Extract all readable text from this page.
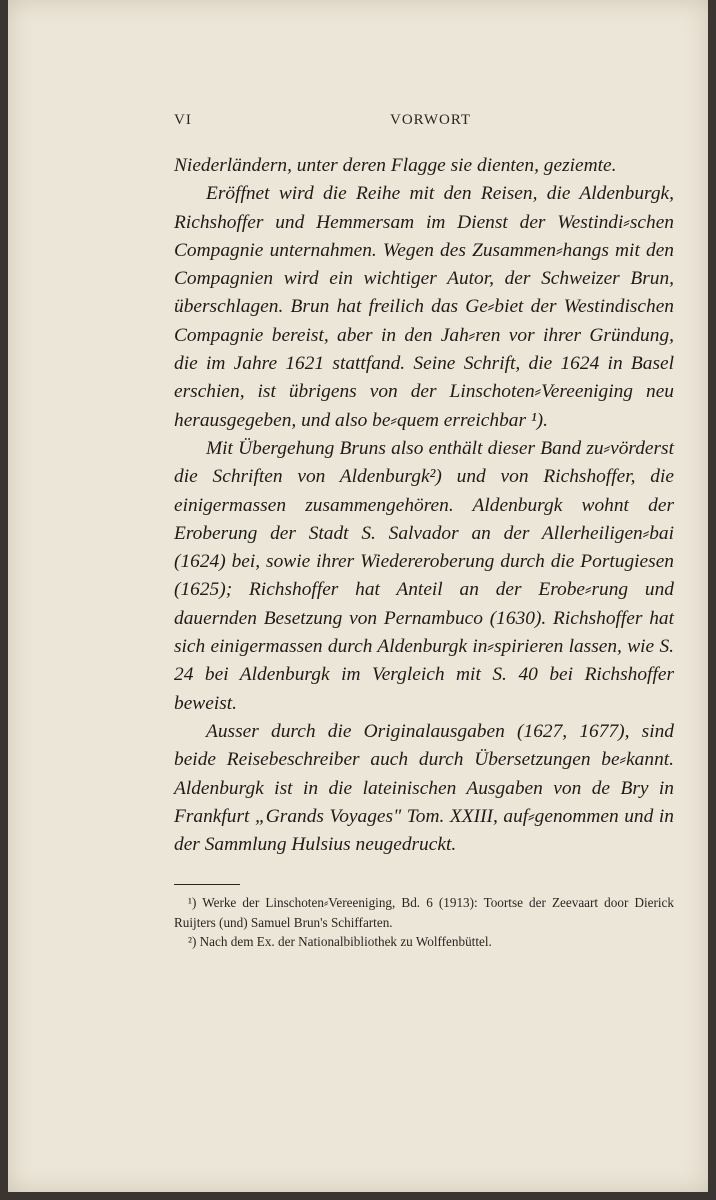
VI	VORWORT

Niederländern, unter deren Flagge sie dienten, geziemte.

Eröffnet wird die Reihe mit den Reisen, die Aldenburgk, Richshoffer und Hemmersam im Dienst der Westindi⸗schen Compagnie unternahmen. Wegen des Zusammen⸗hangs mit den Compagnien wird ein wichtiger Autor, der Schweizer Brun, überschlagen. Brun hat freilich das Ge⸗biet der Westindischen Compagnie bereist, aber in den Jah⸗ren vor ihrer Gründung, die im Jahre 1621 stattfand. Seine Schrift, die 1624 in Basel erschien, ist übrigens von der Linschoten⸗Vereeniging neu herausgegeben, und also be⸗quem erreichbar ¹).

Mit Übergehung Bruns also enthält dieser Band zu⸗vörderst die Schriften von Aldenburgk²) und von Richshoffer, die einigermassen zusammengehören. Aldenburgk wohnt der Eroberung der Stadt S. Salvador an der Allerheiligen⸗bai (1624) bei, sowie ihrer Wiedereroberung durch die Portugiesen (1625); Richshoffer hat Anteil an der Erobe⸗rung und dauernden Besetzung von Pernambuco (1630). Richshoffer hat sich einigermassen durch Aldenburgk in⸗spirieren lassen, wie S. 24 bei Aldenburgk im Vergleich mit S. 40 bei Richshoffer beweist.

Ausser durch die Originalausgaben (1627, 1677), sind beide Reisebeschreiber auch durch Übersetzungen be⸗kannt. Aldenburgk ist in die lateinischen Ausgaben von de Bry in Frankfurt „Grands Voyages" Tom. XXIII, auf⸗genommen und in der Sammlung Hulsius neugedruckt.

¹) Werke der Linschoten⸗Vereeniging, Bd. 6 (1913): Toortse der Zeevaart door Dierick Ruijters (und) Samuel Brun's Schiffarten.

²) Nach dem Ex. der Nationalbibliothek zu Wolffenbüttel.
